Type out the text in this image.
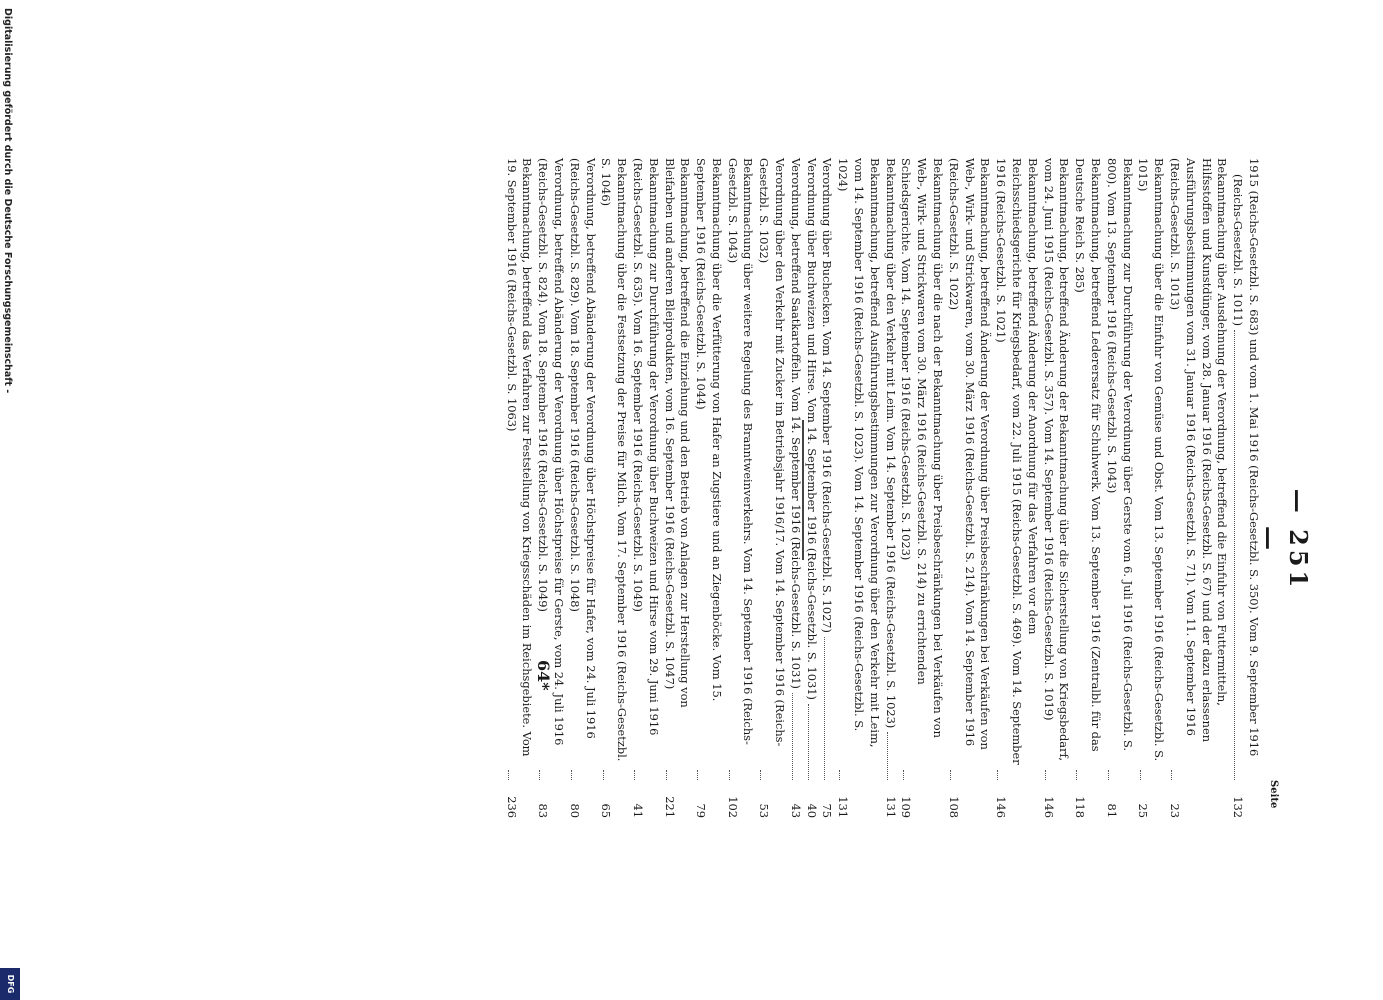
— 251 —
Seite
1915 (Reichs-Gesetzbl. S. 683) und vom 1. Mai 1916 (Reichs-Gesetzbl. S. 350). Vom 9. September 1916
(Reichs-Gesetzbl. S. 1011)
132
Bekanntmachung über Ausdehnung der Verordnung, betreffend die Einfuhr von Futtermitteln, Hilfsstoffen und Kunstdünger, vom 28. Januar 1916 (Reichs-Gesetzbl. S. 67) und der dazu erlassenen Ausführungsbestimmungen vom 31. Januar 1916 (Reichs-Gesetzbl. S. 71). Vom 11. September 1916 (Reichs-Gesetzbl. S. 1013)
23
Bekanntmachung über die Einfuhr von Gemüse und Obst. Vom 13. September 1916 (Reichs-Gesetzbl. S. 1015)
25
Bekanntmachung zur Durchführung der Verordnung über Gerste vom 6. Juli 1916 (Reichs-Gesetzbl. S. 800). Vom 13. September 1916 (Reichs-Gesetzbl. S. 1043)
81
Bekanntmachung, betreffend Lederersatz für Schuhwerk. Vom 13. September 1916 (Zentralbl. für das Deutsche Reich S. 285)
118
Bekanntmachung, betreffend Änderung der Bekanntmachung über die Sicherstellung von Kriegsbedarf, vom 24. Juni 1915 (Reichs-Gesetzbl. S. 357). Vom 14. September 1916 (Reichs-Gesetzbl. S. 1019)
146
Bekanntmachung, betreffend Änderung der Anordnung für das Verfahren vor dem Reichsschiedsgerichte für Kriegsbedarf, vom 22. Juli 1915 (Reichs-Gesetzbl. S. 469). Vom 14. September 1916 (Reichs-Gesetzbl. S. 1021)
146
Bekanntmachung, betreffend Änderung der Verordnung über Preisbeschränkungen bei Verkäufen von Web-, Wirk- und Strickwaren, vom 30. März 1916 (Reichs-Gesetzbl. S. 214). Vom 14. September 1916 (Reichs-Gesetzbl. S. 1022)
108
Bekanntmachung über die nach der Bekanntmachung über Preisbeschränkungen bei Verkäufen von Web-, Wirk- und Strickwaren vom 30. März 1916 (Reichs-Gesetzbl. S. 214) zu errichtenden Schiedsgerichte. Vom 14. September 1916 (Reichs-Gesetzbl. S. 1023)
109
Bekanntmachung über den Verkehr mit Leim. Vom 14. September 1916 (Reichs-Gesetzbl. S. 1023)
131
Bekanntmachung, betreffend Ausführungsbestimmungen zur Verordnung über den Verkehr mit Leim, vom 14. September 1916 (Reichs-Gesetzbl. S. 1023). Vom 14. September 1916 (Reichs-Gesetzbl. S. 1024)
131
Verordnung über Buchecken. Vom 14. September 1916 (Reichs-Gesetzbl. S. 1027)
75
Verordnung über Buchweizen und Hirse. Vom 14. September 1916 (Reichs-Gesetzbl. S. 1031)
40
Verordnung, betreffend Saatkartoffeln. Vom 14. September 1916 (Reichs-Gesetzbl. S. 1031)
43
Verordnung über den Verkehr mit Zucker im Betriebsjahr 1916/17. Vom 14. September 1916 (Reichs-Gesetzbl. S. 1032)
53
Bekanntmachung über weitere Regelung des Branntweinverkehrs. Vom 14. September 1916 (Reichs-Gesetzbl. S. 1043)
102
Bekanntmachung über die Verfütterung von Hafer an Zugstiere und an Ziegenböcke. Vom 15. September 1916 (Reichs-Gesetzbl. S. 1044)
79
Bekanntmachung, betreffend die Einziehung und den Betrieb von Anlagen zur Herstellung von Bleifarben und anderen Bleiprodukten, vom 16. September 1916 (Reichs-Gesetzbl. S. 1047)
221
Bekanntmachung zur Durchführung der Verordnung über Buchweizen und Hirse vom 29. Juni 1916 (Reichs-Gesetzbl. S. 635). Vom 16. September 1916 (Reichs-Gesetzbl. S. 1049)
41
Bekanntmachung über die Festsetzung der Preise für Milch. Vom 17. September 1916 (Reichs-Gesetzbl. S. 1046)
65
Verordnung, betreffend Abänderung der Verordnung über Höchstpreise für Hafer, vom 24. Juli 1916 (Reichs-Gesetzbl. S. 829). Vom 18. September 1916 (Reichs-Gesetzbl. S. 1048)
80
Verordnung, betreffend Abänderung der Verordnung über Höchstpreise für Gerste, vom 24. Juli 1916 (Reichs-Gesetzbl. S. 824). Vom 18. September 1916 (Reichs-Gesetzbl. S. 1049)
83
Bekanntmachung, betreffend das Verfahren zur Feststellung von Kriegsschäden im Reichsgebiete. Vom 19. September 1916 (Reichs-Gesetzbl. S. 1063)
236
64*
Digitalisierung gefördert durch die Deutsche Forschungsgemeinschaft -
DFG
